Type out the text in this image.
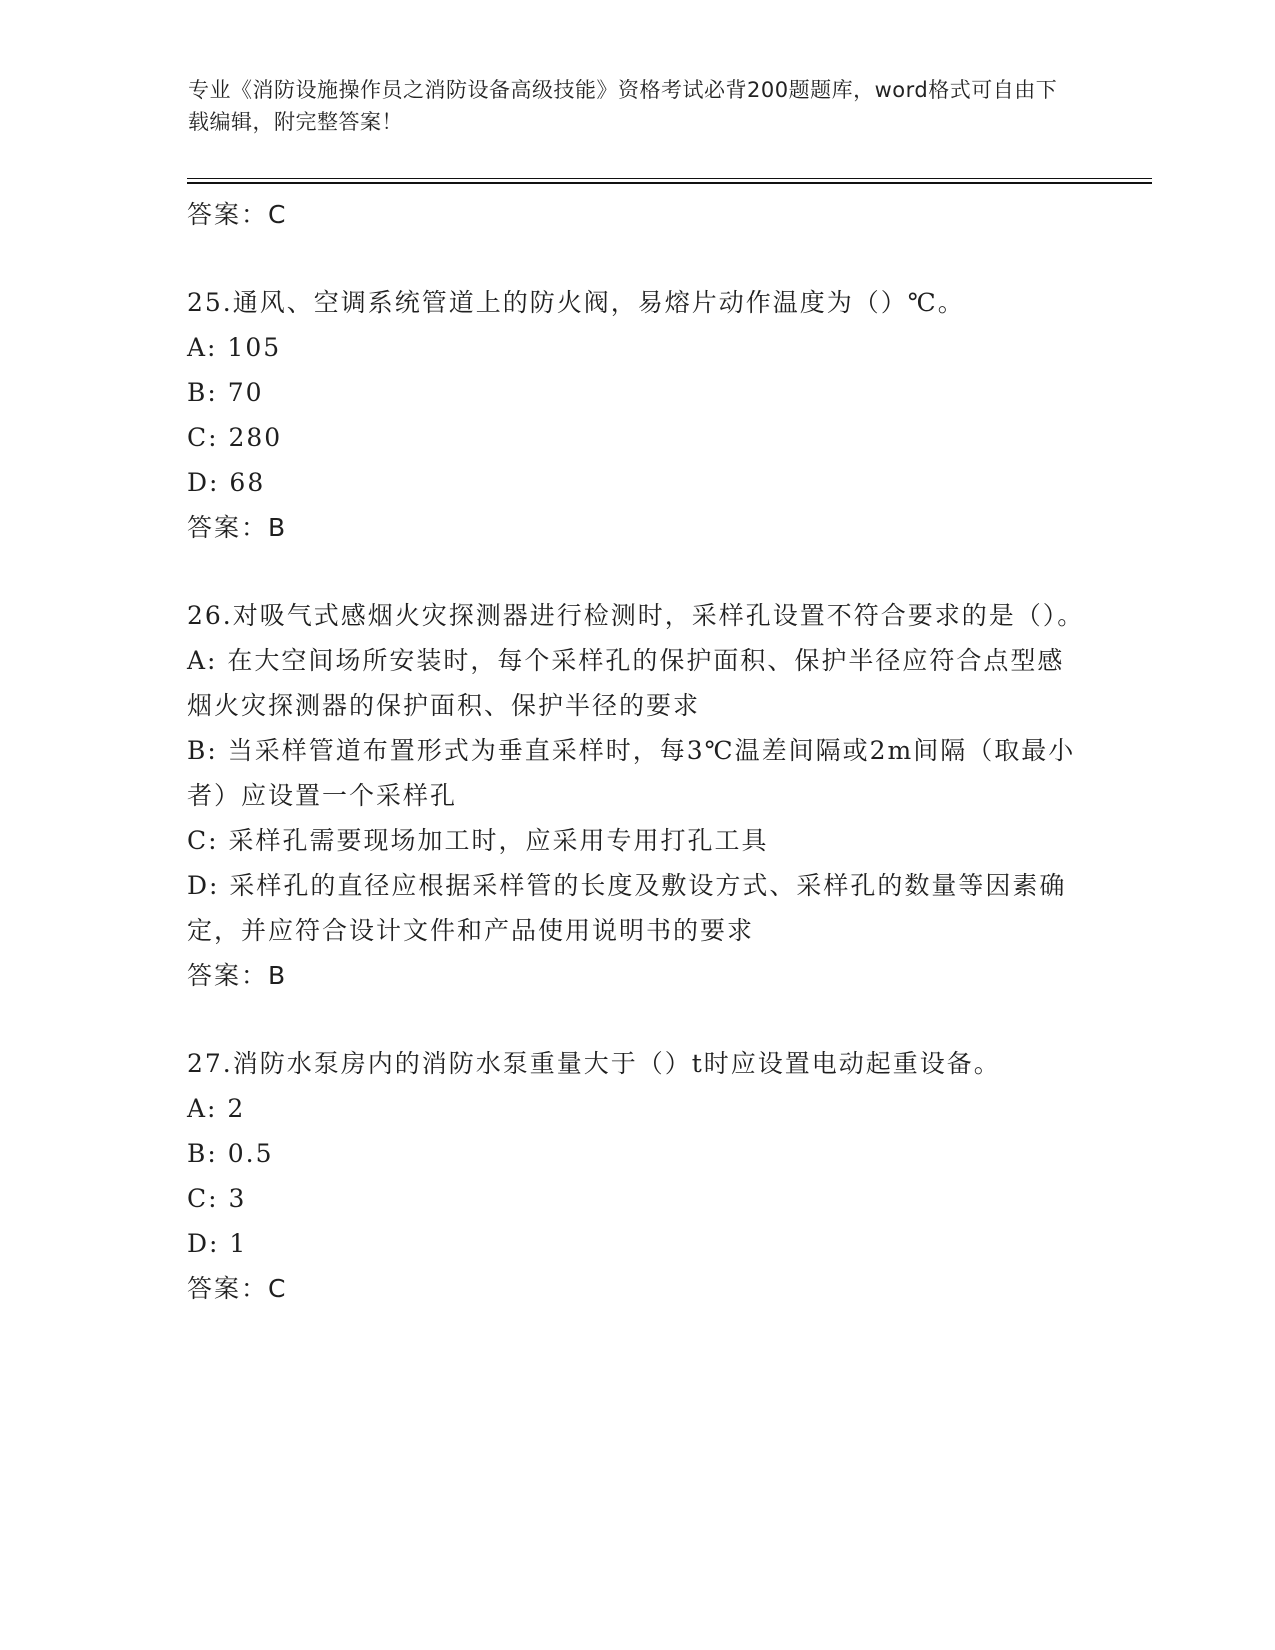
专业《消防设施操作员之消防设备高级技能》资格考试必背200题题库，word格式可自由下载编辑，附完整答案！
答案：C
25.通风、空调系统管道上的防火阀，易熔片动作温度为（）℃。
A: 105
B: 70
C: 280
D: 68
答案：B
26.对吸气式感烟火灾探测器进行检测时，采样孔设置不符合要求的是（）。
A: 在大空间场所安装时，每个采样孔的保护面积、保护半径应符合点型感烟火灾探测器的保护面积、保护半径的要求
B: 当采样管道布置形式为垂直采样时，每3℃温差间隔或2m间隔（取最小者）应设置一个采样孔
C: 采样孔需要现场加工时，应采用专用打孔工具
D: 采样孔的直径应根据采样管的长度及敷设方式、采样孔的数量等因素确定，并应符合设计文件和产品使用说明书的要求
答案：B
27.消防水泵房内的消防水泵重量大于（）t时应设置电动起重设备。
A: 2
B: 0.5
C: 3
D: 1
答案：C
